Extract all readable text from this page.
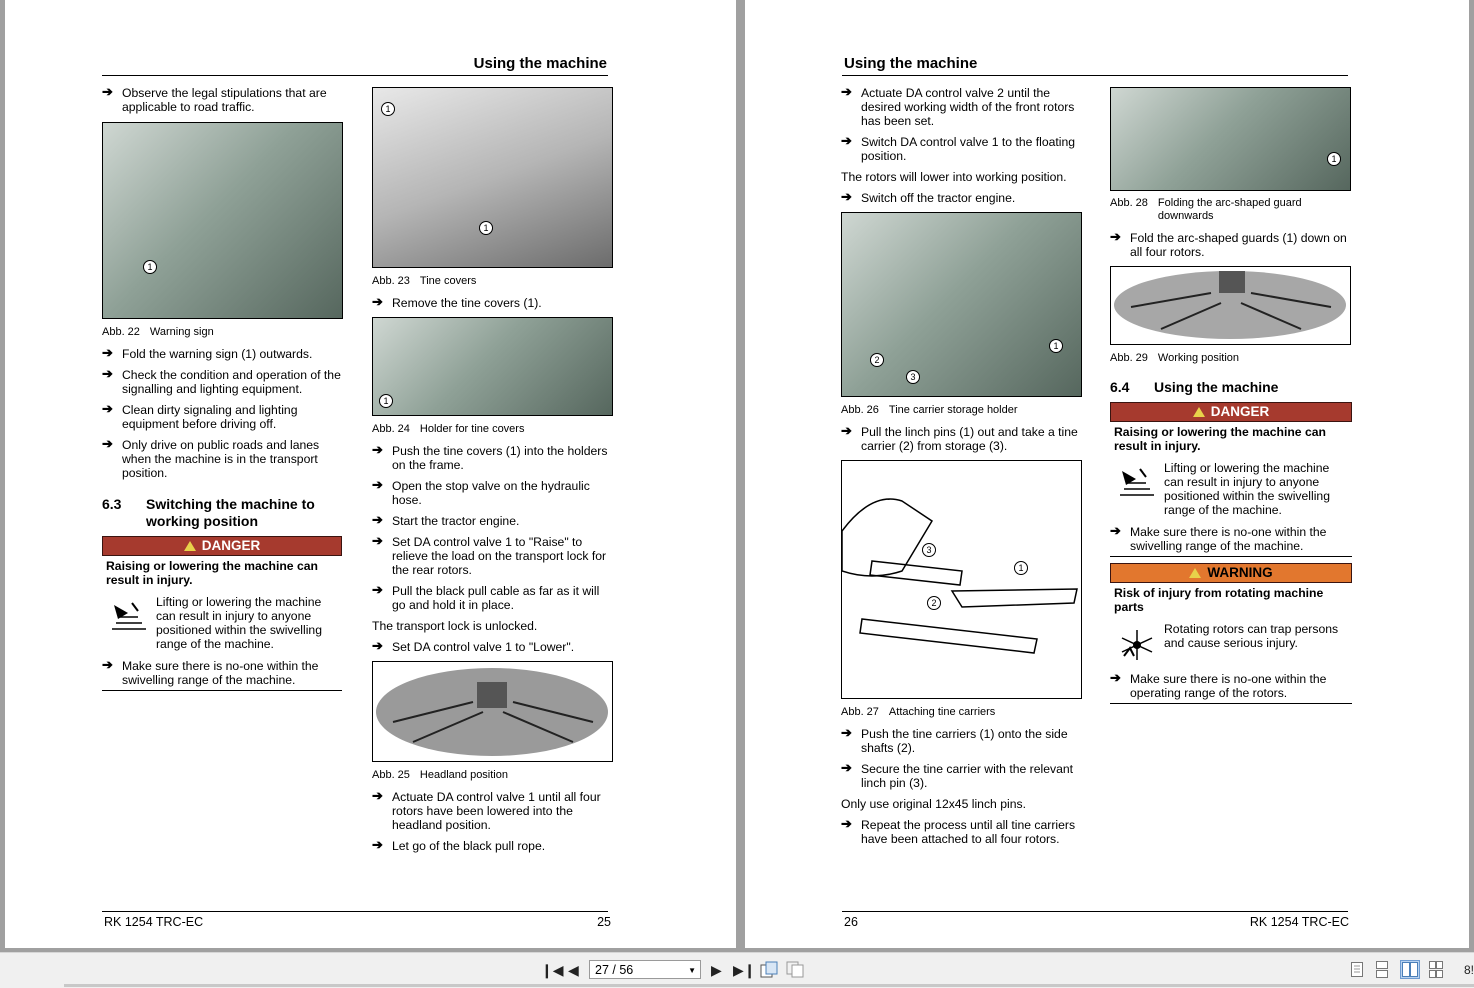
Using the machine
➔ Observe the legal stipulations that are applicable to road traffic.
1
Abb. 22 Warning sign
➔ Fold the warning sign (1) outwards.
➔ Check the condition and operation of the signalling and lighting equipment.
➔ Clean dirty signaling and lighting equipment before driving off.
➔ Only drive on public roads and lanes when the machine is in the transport position.
6.3	Switching the machine to working position
DANGER
Raising or lowering the machine can result in injury.
Lifting or lowering the machine can result in injury to anyone positioned within the swivelling range of the machine.
➔ Make sure there is no-one within the swivelling range of the machine.
1
1
Abb. 23 Tine covers
➔ Remove the tine covers (1).
1
Abb. 24 Holder for tine covers
➔ Push the tine covers (1) into the holders on the frame.
➔ Open the stop valve on the hydraulic hose.
➔ Start the tractor engine.
➔ Set DA control valve 1 to "Raise" to relieve the load on the transport lock for the rear rotors.
➔ Pull the black pull cable as far as it will go and hold it in place.
The transport lock is unlocked.
➔ Set DA control valve 1 to "Lower".
Abb. 25 Headland position
➔ Actuate DA control valve 1 until all four rotors have been lowered into the headland position.
➔ Let go of the black pull rope.
RK 1254 TRC-EC	25
Using the machine
➔ Actuate DA control valve 2 until the desired working width of the front rotors has been set.
➔ Switch DA control valve 1 to the floating position.
The rotors will lower into working position.
➔ Switch off the tractor engine.
1
2
3
Abb. 26 Tine carrier storage holder
➔ Pull the linch pins (1) out and take a tine carrier (2) from storage (3).
1
2
3
Abb. 27 Attaching tine carriers
➔ Push the tine carriers (1) onto the side shafts (2).
➔ Secure the tine carrier with the relevant linch pin (3).
Only use original 12x45 linch pins.
➔ Repeat the process until all tine carriers have been attached to all four rotors.
1
Abb. 28 Folding the arc-shaped guard downwards
➔ Fold the arc-shaped guards (1) down on all four rotors.
Abb. 29 Working position
6.4	Using the machine
DANGER
Raising or lowering the machine can result in injury.
Lifting or lowering the machine can result in injury to anyone positioned within the swivelling range of the machine.
➔ Make sure there is no-one within the swivelling range of the machine.
WARNING
Risk of injury from rotating machine parts
Rotating rotors can trap persons and cause serious injury.
➔ Make sure there is no-one within the operating range of the rotors.
26	RK 1254 TRC-EC
❙◀ ◀	27 / 56	▼ ▶ ▶❙	8!
